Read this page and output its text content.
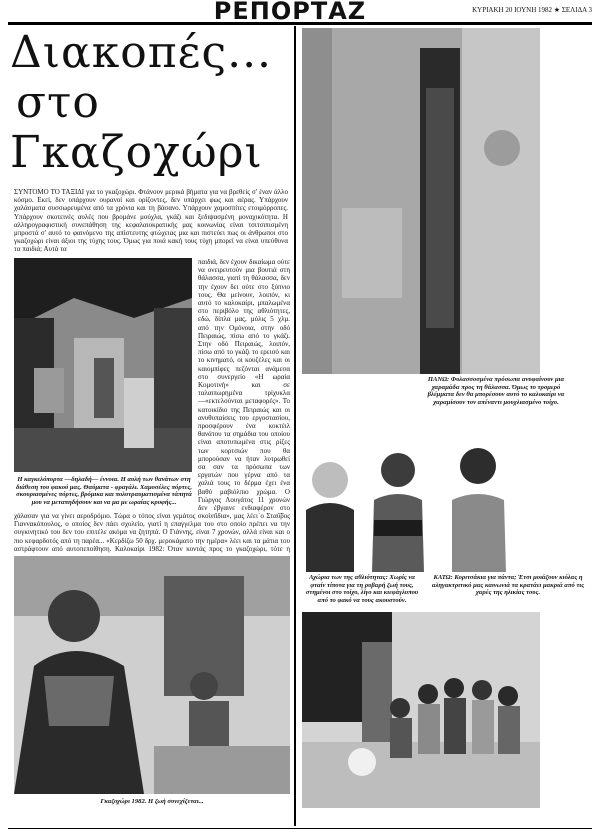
ΡΕΠΟΡΤΑΖ	ΚΥΡΙΑΚΗ 20 ΙΟΥΝΗ 1982 ★ ΣΕΛΙΔΑ 3
Διακοπές...
στο
Γκαζοχώρι
ΣΥΝΤΟΜΟ ΤΟ ΤΑΞΙΔΙ για το γκαζοχώρι. Φτάνουν μερικά βήματα για να βρεθείς σ' έναν άλλο κόσμο. Εκεί, δεν υπάρχουν ουρανοί και ορίζοντες, δεν υπάρχει φως και αέρας. Υπάρχουν χαλάσματα συσσωρευμένα από τα χρόνια και τη βάσανο. Υπάρχουν χαμοσπίτες ετοιμόρροπες. Υπάρχουν σκοτεινές αυλές που βρομάνε μούχλα, γκάζι και ξεδιψασμένη μοναχικότητα. Η αλληρογραφιστική συνεπάθηση της κεφαλαιοκρατικής μας κοινωνίας είναι τσιτσιπισμένη μπροστά σ' αυτό το φαινόμενο της απίστευτης φτώχειας μια και πιστεύει πως οι άνθρωποι στο γκαζοχώρι είναι άξιοι της τύχης τους. Όμως για ποιά κακή τους τύχη μπορεί να είναι υπεύθυνα τα παιδιά; Αυτά τα
Η καγκελόπορτα —δηλαδή— έννοια. Η αυλή των θανάτων στη διάθεση του φακού μας. Θαύματα - φραγάλι. Χαμοσέλες πόρτες, σκουριασμένες πόρτες, βρόμικα και πολυτραυματισμένα τάπητά μου να μεταπηδήσουν και να μα με ωραίας κρυφής...
παιδιά, δεν έχουν δικαίωμα ούτε να ονειρευτούν μια βουτιά στη θάλασσα, γιατί τη θάλασσα, δεν την έχουν δει ούτε στο ξύπνιο τους. Θα μείνουν, λοιπόν, κι αυτό το καλοκαίρι, μπαλωμένα στο περιβόλο της αθλιότητες, εδώ, δίπλα μας, μόλις 5 χλμ. από την Ομόνοια, στην οδό Πειραιώς, πίσω από το γκάζι. Στην οδό Πειραιώς, λοιπόν, πίσω από το γκάζι το ερεισό και το κινηματό, οι κουζέλες και οι καιομπίφες πεζόνται ανάμεσα στο συνεργείο «Η ωραία Κομοτινή» και σε ταλαιπωρημένα τρίχυκλα —«εκτελούνται μεταφορές». Το κατοικίδιο της Πειραιώς και οι ανυθυπαίσεις του εργοστασίου, προσφέρουν ένα κοκτέιλ θανάτου τα σημάδια του οποίου είναι αποτυπωμένα στις ρίζες των κορτσιών που θα μπορούσαν να ήταν λυτρωθεί σα σαν τα πρόσωπα των εργατών που γέρνα από τα χαλιά τους το δέρμα έχει ένα βαθύ μαβιόλπιο χρώμα. Ο Γιώργος Λουγάτος 11 χρονών δεν έβγαινε ενδιαφέρον στο
χάλασαν για να γίνει αεροδρόμιο. Τώρα ο τόπος είναι γεμάτος σκουπίδια», μας λέει ο Σταύρος Γιαννακόπουλος, ο οποίος δεν πάει σχολείο, γιατί η επαγγελμα του στο οποίο πρέπει να την συγκινητικό του δεν του επιτέλε ακόμα να ζητηπά. Ο Γιάννης, είναι 7 χρονών, αλλά είναι και ο πιο κεφαρδοτός από τη παρέα... «Κερδίζω 50 δρχ. μεροκάματο την ημέρα» λέει και τα μάτια του αστράφτουν από αυτοπεποίθηση. Καλοκαίρι 1982: Όταν κοντάς προς το γκαζοχώρι, τότε η
Γκαζοχώρι 1982. Η ζωή συνεχίζεται...
ΠΑΝΩ: Φυλασσοσμένα πρόσωπα ανυφαίνουν μια χαραμάδα προς τη θάλασσα. Όμως το τρομερό βλέμματα δεν θα μπορέσουν αυτό το καλοκαίρι να χαραμίσουν τον απέναντι μουχλιασμένο τοίχο.
Αχώρια των της αθλιότητας: Χωρίς να φταίν τίποτα για τη ρυβαρή ζωή τους, στημένοι στο τοίχο, λίγο και κιεφάγλυπου από το φακό να τους ακουστούν.
ΚΑΤΩ: Κοριτσάκια για πάντα; Έτσι μοιάζουν κιόλας η αληγακτριτικό μας καινωνιά τα κρατάει μακριά από τις χαρές της ηλικίας τους.
